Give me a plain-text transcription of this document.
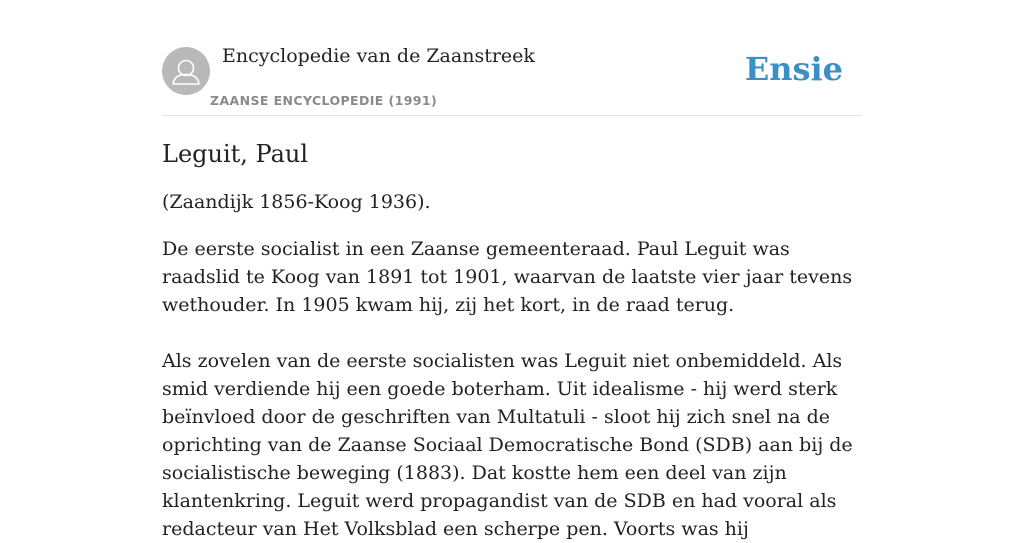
Encyclopedie van de Zaanstreek
ZAANSE ENCYCLOPEDIE (1991)
Ensie
Leguit, Paul

(Zaandijk 1856-Koog 1936).

De eerste socialist in een Zaanse gemeenteraad. Paul Leguit was raadslid te Koog van 1891 tot 1901, waarvan de laatste vier jaar tevens wethouder. In 1905 kwam hij, zij het kort, in de raad terug.

Als zovelen van de eerste socialisten was Leguit niet onbemiddeld. Als smid verdiende hij een goede boterham. Uit idealisme - hij werd sterk beïnvloed door de geschriften van Multatuli - sloot hij zich snel na de oprichting van de Zaanse Sociaal Democratische Bond (SDB) aan bij de socialistische beweging (1883). Dat kostte hem een deel van zijn klantenkring. Leguit werd propagandist van de SDB en had vooral als redacteur van Het Volksblad een scherpe pen. Voorts was hij
